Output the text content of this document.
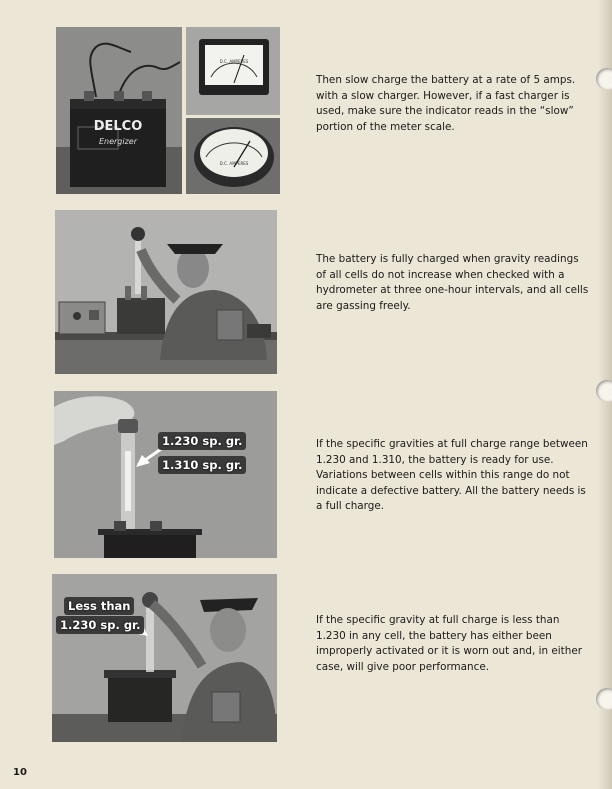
DELCO
Energizer
D.C. AMPERES
D.C. AMPERES
Then slow charge the battery at a rate of 5 amps. with a slow charger. However, if a fast charger is used, make sure the indicator reads in the “slow” portion of the meter scale.
The battery is fully charged when gravity readings of all cells do not increase when checked with a hydrometer at three one-hour intervals, and all cells are gassing freely.
1.230 sp. gr.
1.310 sp. gr.
If the specific gravities at full charge range between 1.230 and 1.310, the battery is ready for use. Variations between cells within this range do not indicate a defective battery. All the battery needs is a full charge.
Less than
1.230 sp. gr.	If the specific gravity at full charge is less than 1.230 in any cell, the battery has either been improperly activated or it is worn out and, in either case, will give poor performance.
10
